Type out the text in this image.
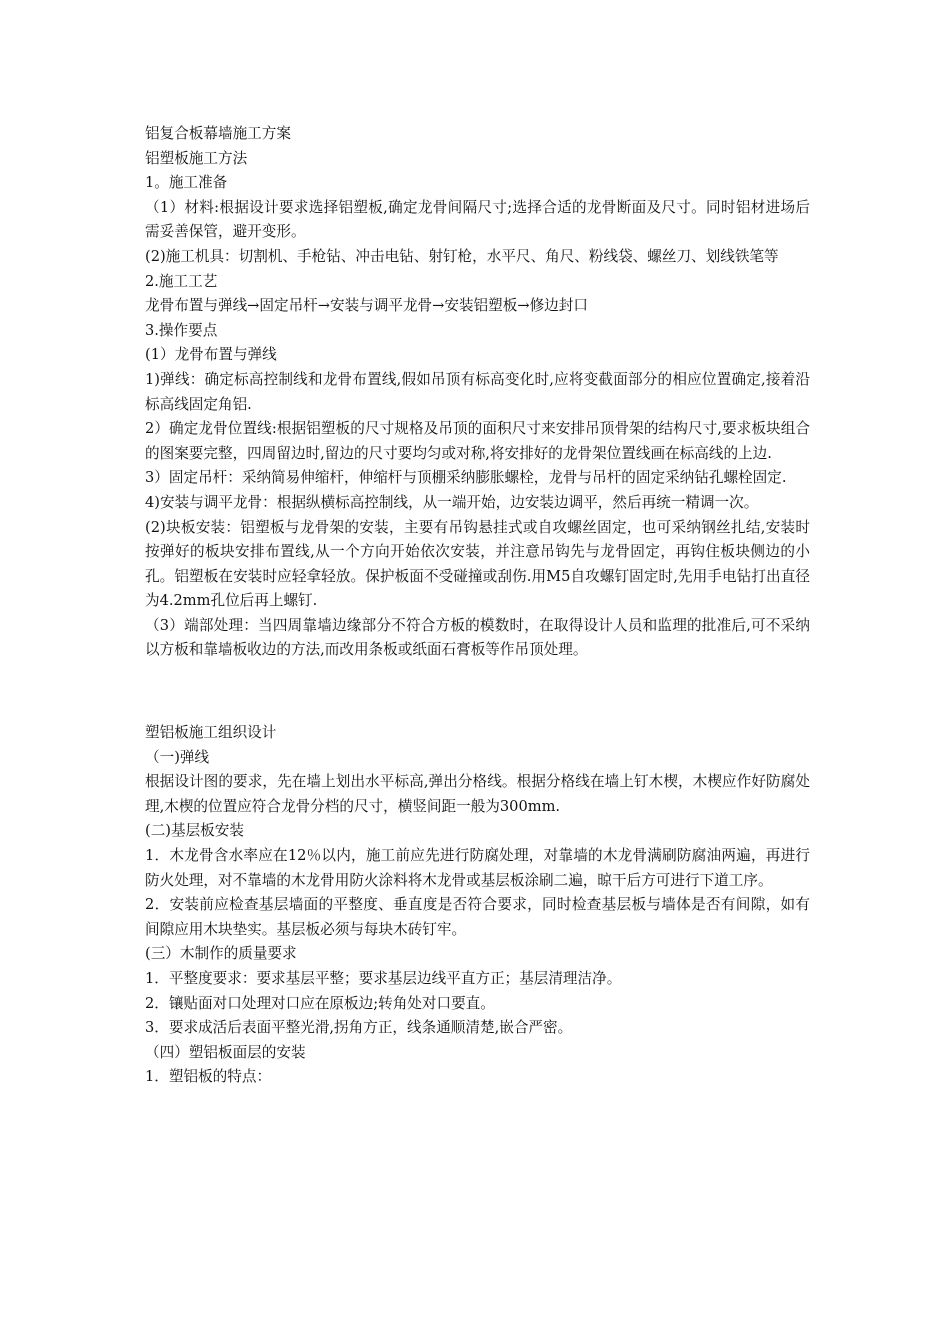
铝复合板幕墙施工方案

铝塑板施工方法

1。施工准备

（1）材料:根据设计要求选择铝塑板,确定龙骨间隔尺寸;选择合适的龙骨断面及尺寸。同时铝材进场后需妥善保管，避开变形。

(2)施工机具：切割机、手枪钻、冲击电钻、射钉枪，水平尺、角尺、粉线袋、螺丝刀、划线铁笔等

2.施工工艺

龙骨布置与弹线→固定吊杆→安装与调平龙骨→安装铝塑板→修边封口

3.操作要点

(1）龙骨布置与弹线

1)弹线：确定标高控制线和龙骨布置线,假如吊顶有标高变化时,应将变截面部分的相应位置确定,接着沿标高线固定角铝.

2）确定龙骨位置线:根据铝塑板的尺寸规格及吊顶的面积尺寸来安排吊顶骨架的结构尺寸,要求板块组合的图案要完整，四周留边时,留边的尺寸要均匀或对称,将安排好的龙骨架位置线画在标高线的上边.

3）固定吊杆：采纳简易伸缩杆，伸缩杆与顶棚采纳膨胀螺栓，龙骨与吊杆的固定采纳钻孔螺栓固定.

4)安装与调平龙骨：根据纵横标高控制线，从一端开始，边安装边调平，然后再统一精调一次。

(2)块板安装：铝塑板与龙骨架的安装，主要有吊钩悬挂式或自攻螺丝固定，也可采纳钢丝扎结,安装时按弹好的板块安排布置线,从一个方向开始依次安装，并注意吊钩先与龙骨固定，再钩住板块侧边的小孔。铝塑板在安装时应轻拿轻放。保护板面不受碰撞或刮伤.用M5自攻螺钉固定时,先用手电钻打出直径为4.2mm孔位后再上螺钉.

（3）端部处理：当四周靠墙边缘部分不符合方板的模数时，在取得设计人员和监理的批准后,可不采纳以方板和靠墙板收边的方法,而改用条板或纸面石膏板等作吊顶处理。

塑铝板施工组织设计

（一)弹线

根据设计图的要求，先在墙上划出水平标高,弹出分格线。根据分格线在墙上钉木楔，木楔应作好防腐处理,木楔的位置应符合龙骨分档的尺寸，横竖间距一般为300mm.

(二)基层板安装

1．木龙骨含水率应在12％以内，施工前应先进行防腐处理，对靠墙的木龙骨满刷防腐油两遍，再进行防火处理，对不靠墙的木龙骨用防火涂料将木龙骨或基层板涂刷二遍，晾干后方可进行下道工序。

2．安装前应检查基层墙面的平整度、垂直度是否符合要求，同时检查基层板与墙体是否有间隙，如有间隙应用木块垫实。基层板必须与每块木砖钉牢。

(三）木制作的质量要求

1．平整度要求：要求基层平整；要求基层边线平直方正；基层清理洁净。

2．镶贴面对口处理对口应在原板边;转角处对口要直。

3．要求成活后表面平整光滑,拐角方正，线条通顺清楚,嵌合严密。

（四）塑铝板面层的安装

1．塑铝板的特点：
